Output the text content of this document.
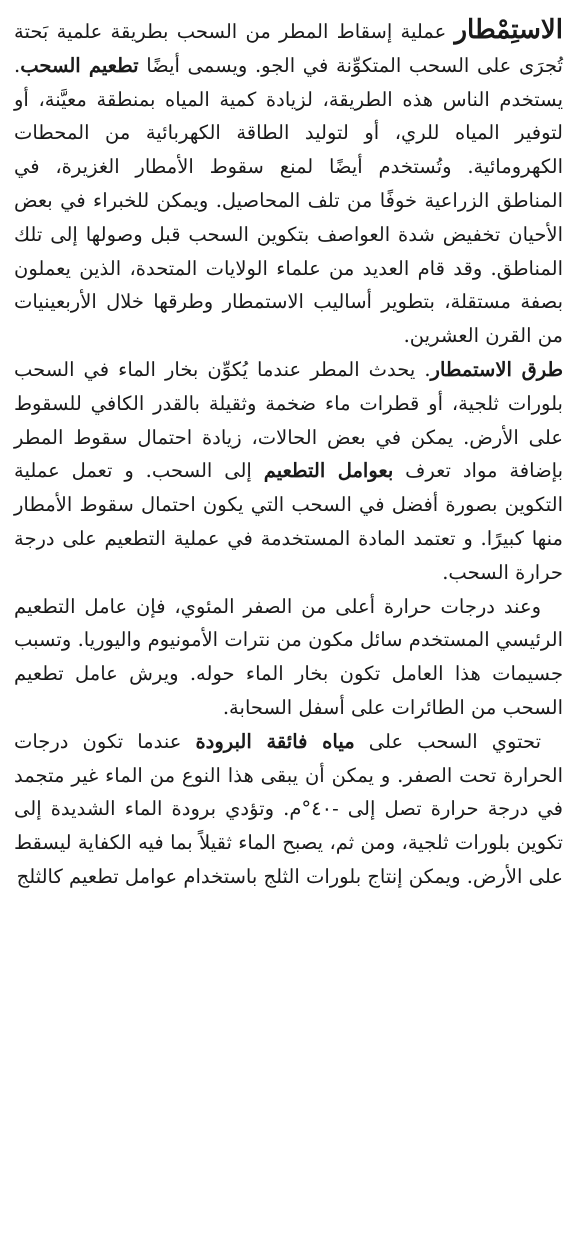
الاستِمْطار عملية إسقاط المطر من السحب بطريقة علمية بَحتة تُجرَى على السحب المتكوِّنة في الجو. ويسمى أيضًا تطعيم السحب. يستخدم الناس هذه الطريقة، لزيادة كمية المياه بمنطقة معيَّنة، أو لتوفير المياه للري، أو لتوليد الطاقة الكهربائية من المحطات الكهرومائية. وتُستخدم أيضًا لمنع سقوط الأمطار الغزيرة، في المناطق الزراعية خوفًا من تلف المحاصيل. ويمكن للخبراء في بعض الأحيان تخفيض شدة العواصف بتكوين السحب قبل وصولها إلى تلك المناطق. وقد قام العديد من علماء الولايات المتحدة، الذين يعملون بصفة مستقلة، بتطوير أساليب الاستمطار وطرقها خلال الأربعينيات من القرن العشرين.

طرق الاستمطار. يحدث المطر عندما يُكوِّن بخار الماء في السحب بلورات ثلجية، أو قطرات ماء ضخمة وثقيلة بالقدر الكافي للسقوط على الأرض. يمكن في بعض الحالات، زيادة احتمال سقوط المطر بإضافة مواد تعرف بعوامل التطعيم إلى السحب. و تعمل عملية التكوين بصورة أفضل في السحب التي يكون احتمال سقوط الأمطار منها كبيرًا. و تعتمد المادة المستخدمة في عملية التطعيم على درجة حرارة السحب.

وعند درجات حرارة أعلى من الصفر المئوي، فإن عامل التطعيم الرئيسي المستخدم سائل مكون من نترات الأمونيوم واليوريا. وتسبب جسيمات هذا العامل تكون بخار الماء حوله. ويرش عامل تطعيم السحب من الطائرات على أسفل السحابة.

تحتوي السحب على مياه فائقة البرودة عندما تكون درجات الحرارة تحت الصفر. و يمكن أن يبقى هذا النوع من الماء غير متجمد في درجة حرارة تصل إلى -٤٠°م. وتؤدي برودة الماء الشديدة إلى تكوين بلورات ثلجية، ومن ثم، يصبح الماء ثقيلاً بما فيه الكفاية ليسقط على الأرض. ويمكن إنتاج بلورات الثلج باستخدام عوامل تطعيم كالثلج
